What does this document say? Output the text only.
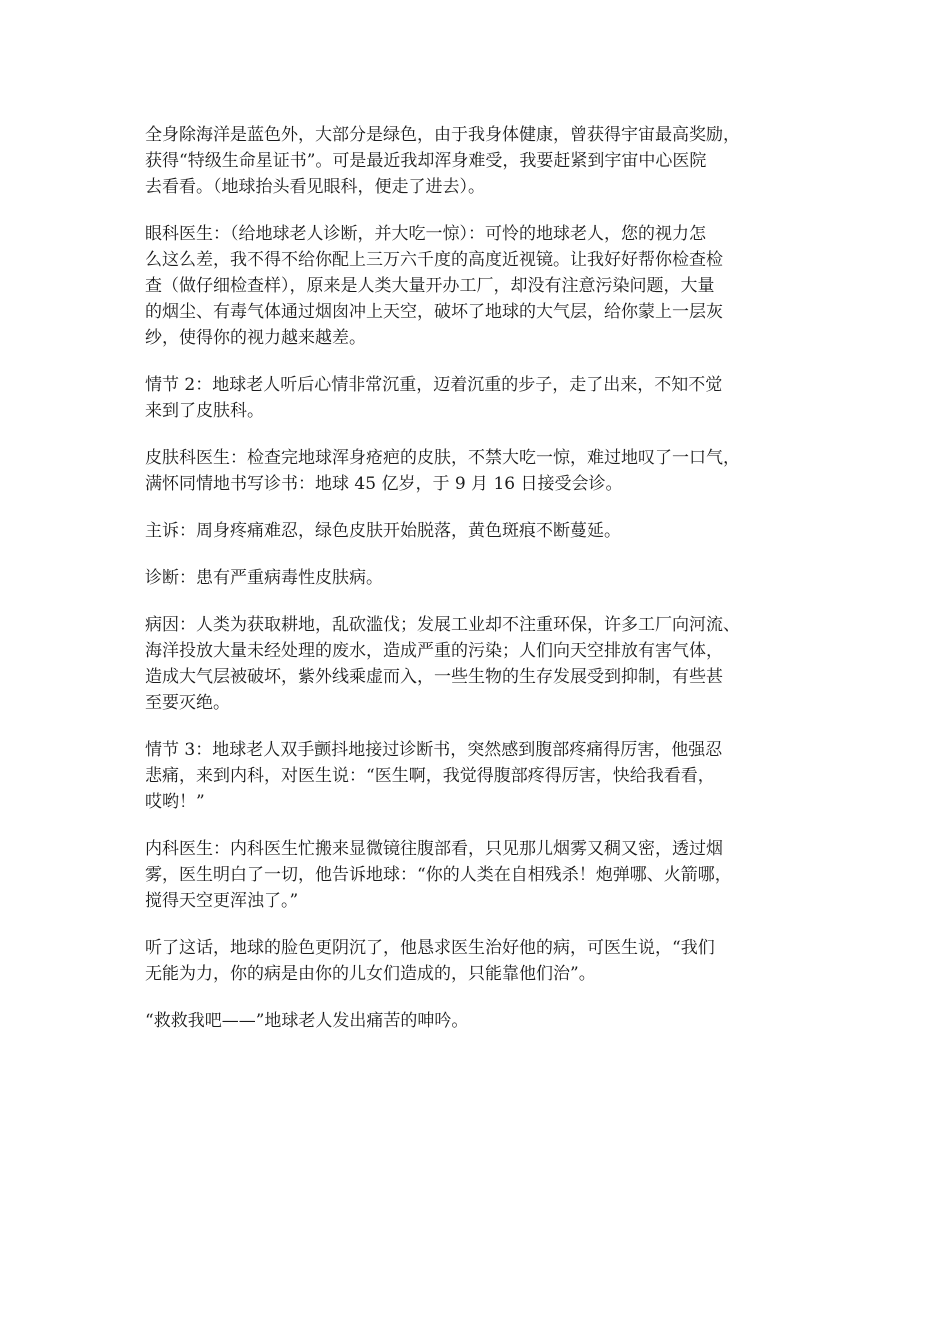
全身除海洋是蓝色外，大部分是绿色，由于我身体健康，曾获得宇宙最高奖励，
获得“特级生命星证书”。可是最近我却浑身难受，我要赶紧到宇宙中心医院
去看看。（地球抬头看见眼科，便走了进去）。

眼科医生：（给地球老人诊断，并大吃一惊）：可怜的地球老人，您的视力怎
么这么差，我不得不给你配上三万六千度的高度近视镜。让我好好帮你检查检
查（做仔细检查样），原来是人类大量开办工厂，却没有注意污染问题，大量
的烟尘、有毒气体通过烟囱冲上天空，破坏了地球的大气层，给你蒙上一层灰
纱，使得你的视力越来越差。

情节 2：地球老人听后心情非常沉重，迈着沉重的步子，走了出来，不知不觉
来到了皮肤科。

皮肤科医生：检查完地球浑身疮疤的皮肤，不禁大吃一惊，难过地叹了一口气，
满怀同情地书写诊书：地球 45 亿岁，于 9 月 16 日接受会诊。

主诉：周身疼痛难忍，绿色皮肤开始脱落，黄色斑痕不断蔓延。

诊断：患有严重病毒性皮肤病。

病因：人类为获取耕地，乱砍滥伐；发展工业却不注重环保，许多工厂向河流、
海洋投放大量未经处理的废水，造成严重的污染；人们向天空排放有害气体，
造成大气层被破坏，紫外线乘虚而入，一些生物的生存发展受到抑制，有些甚
至要灭绝。

情节 3：地球老人双手颤抖地接过诊断书，突然感到腹部疼痛得厉害，他强忍
悲痛，来到内科，对医生说：“医生啊，我觉得腹部疼得厉害，快给我看看，
哎哟！”

内科医生：内科医生忙搬来显微镜往腹部看，只见那儿烟雾又稠又密，透过烟
雾，医生明白了一切，他告诉地球：“你的人类在自相残杀！炮弹哪、火箭哪，
搅得天空更浑浊了。”

听了这话，地球的脸色更阴沉了，他恳求医生治好他的病，可医生说，“我们
无能为力，你的病是由你的儿女们造成的，只能靠他们治”。

“救救我吧——”地球老人发出痛苦的呻吟。
